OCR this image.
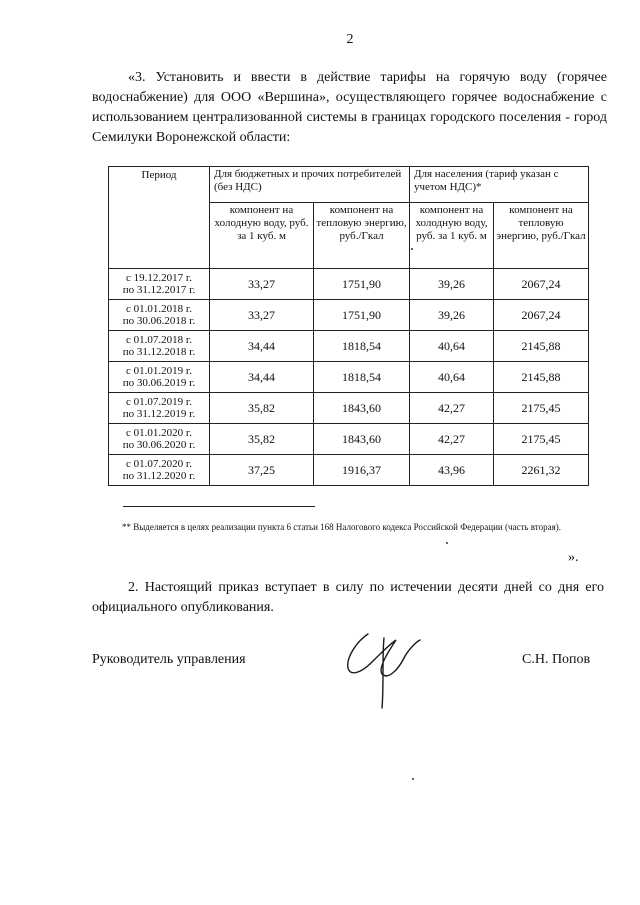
2

«3. Установить и ввести в действие тарифы на горячую воду (горячее водоснабжение) для ООО «Вершина», осуществляющего горячее водоснабжение с использованием централизованной системы в границах городского поселения - город Семилуки Воронежской области:

Период	Для бюджетных и прочих потребителей (без НДС)		Для населения (тариф указан с учетом НДС)*	
	компонент на холодную воду, руб. за 1 куб. м	компонент на тепловую энергию, руб./Гкал	компонент на холодную воду, руб. за 1 куб. м	компонент на тепловую энергию, руб./Гкал
с 19.12.2017 г.
по 31.12.2017 г.	33,27	1751,90	39,26	2067,24
с 01.01.2018 г.
по 30.06.2018 г.	33,27	1751,90	39,26	2067,24
с 01.07.2018 г.
по 31.12.2018 г.	34,44	1818,54	40,64	2145,88
с 01.01.2019 г.
по 30.06.2019 г.	34,44	1818,54	40,64	2145,88
с 01.07.2019 г.
по 31.12.2019 г.	35,82	1843,60	42,27	2175,45
с 01.01.2020 г.
по 30.06.2020 г.	35,82	1843,60	42,27	2175,45
с 01.07.2020 г.
по 31.12.2020 г.	37,25	1916,37	43,96	2261,32

** Выделяется в целях реализации пункта 6 статьи 168 Налогового кодекса Российской Федерации (часть вторая).

».

2. Настоящий приказ вступает в силу по истечении десяти дней со дня его официального опубликования.

Руководитель управления	С.Н. Попов
